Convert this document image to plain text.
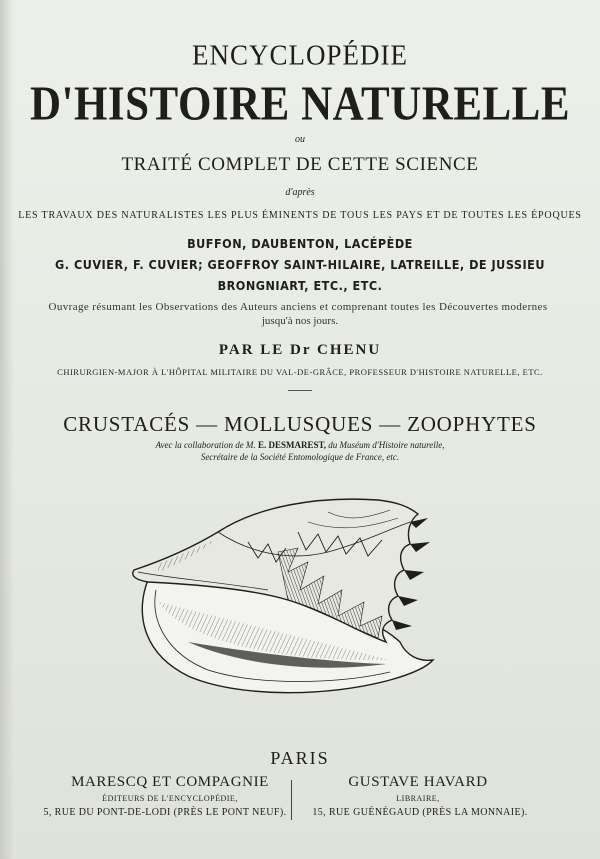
ENCYCLOPÉDIE
D'HISTOIRE NATURELLE
ou
TRAITÉ COMPLET DE CETTE SCIENCE
d'après
LES TRAVAUX DES NATURALISTES LES PLUS ÉMINENTS DE TOUS LES PAYS ET DE TOUTES LES ÉPOQUES
BUFFON, DAUBENTON, LACÉPÈDE
G. CUVIER, F. CUVIER; GEOFFROY SAINT-HILAIRE, LATREILLE, DE JUSSIEU
BRONGNIART, ETC., ETC.
Ouvrage résumant les Observations des Auteurs anciens et comprenant toutes les Découvertes modernes
jusqu'à nos jours.
PAR LE Dr CHENU
CHIRURGIEN-MAJOR À L'HÔPITAL MILITAIRE DU VAL-DE-GRÂCE, PROFESSEUR D'HISTOIRE NATURELLE, ETC.
CRUSTACÉS — MOLLUSQUES — ZOOPHYTES
Avec la collaboration de M. E. DESMAREST, du Muséum d'Histoire naturelle,
Secrétaire de la Société Entomologique de France, etc.
PARIS
MARESCQ ET COMPAGNIE
ÉDITEURS DE L'ENCYCLOPÉDIE,
5, RUE DU PONT-DE-LODI (PRÈS LE PONT NEUF).
GUSTAVE HAVARD
LIBRAIRE,
15, RUE GUÉNÉGAUD (PRÈS LA MONNAIE).
